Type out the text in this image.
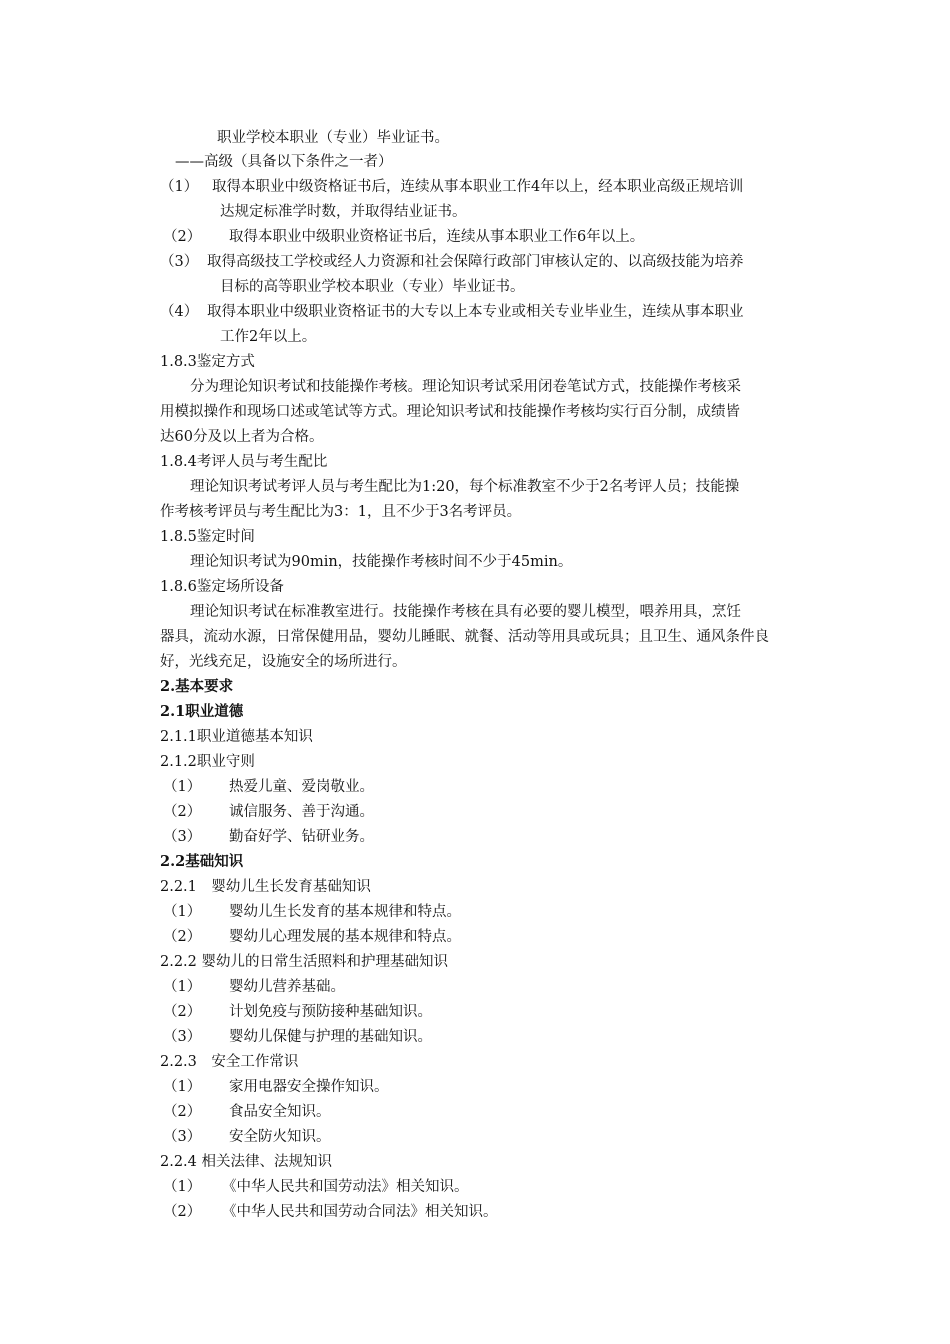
职业学校本职业（专业）毕业证书。
——高级（具备以下条件之一者）
（1） 取得本职业中级资格证书后，连续从事本职业工作4年以上，经本职业高级正规培训
达规定标准学时数，并取得结业证书。
（2） 取得本职业中级职业资格证书后，连续从事本职业工作6年以上。
（3） 取得高级技工学校或经人力资源和社会保障行政部门审核认定的、以高级技能为培养
目标的高等职业学校本职业（专业）毕业证书。
（4） 取得本职业中级职业资格证书的大专以上本专业或相关专业毕业生，连续从事本职业
工作2年以上。
1.8.3鉴定方式
分为理论知识考试和技能操作考核。理论知识考试采用闭卷笔试方式，技能操作考核采
用模拟操作和现场口述或笔试等方式。理论知识考试和技能操作考核均实行百分制，成绩皆
达60分及以上者为合格。
1.8.4考评人员与考生配比
理论知识考试考评人员与考生配比为1:20，每个标准教室不少于2名考评人员；技能操
作考核考评员与考生配比为3：1，且不少于3名考评员。
1.8.5鉴定时间
理论知识考试为90min，技能操作考核时间不少于45min。
1.8.6鉴定场所设备
理论知识考试在标准教室进行。技能操作考核在具有必要的婴儿模型，喂养用具，烹饪
器具，流动水源，日常保健用品，婴幼儿睡眠、就餐、活动等用具或玩具；且卫生、通风条件良
好，光线充足，设施安全的场所进行。
2.基本要求
2.1职业道德
2.1.1职业道德基本知识
2.1.2职业守则
（1） 热爱儿童、爱岗敬业。
（2） 诚信服务、善于沟通。
（3） 勤奋好学、钻研业务。
2.2基础知识
2.2.1　婴幼儿生长发育基础知识
（1） 婴幼儿生长发育的基本规律和特点。
（2） 婴幼儿心理发展的基本规律和特点。
2.2.2 婴幼儿的日常生活照料和护理基础知识
（1） 婴幼儿营养基础。
（2） 计划免疫与预防接种基础知识。
（3） 婴幼儿保健与护理的基础知识。
2.2.3　安全工作常识
（1） 家用电器安全操作知识。
（2） 食品安全知识。
（3） 安全防火知识。
2.2.4 相关法律、法规知识
（1） 《中华人民共和国劳动法》相关知识。
（2） 《中华人民共和国劳动合同法》相关知识。
